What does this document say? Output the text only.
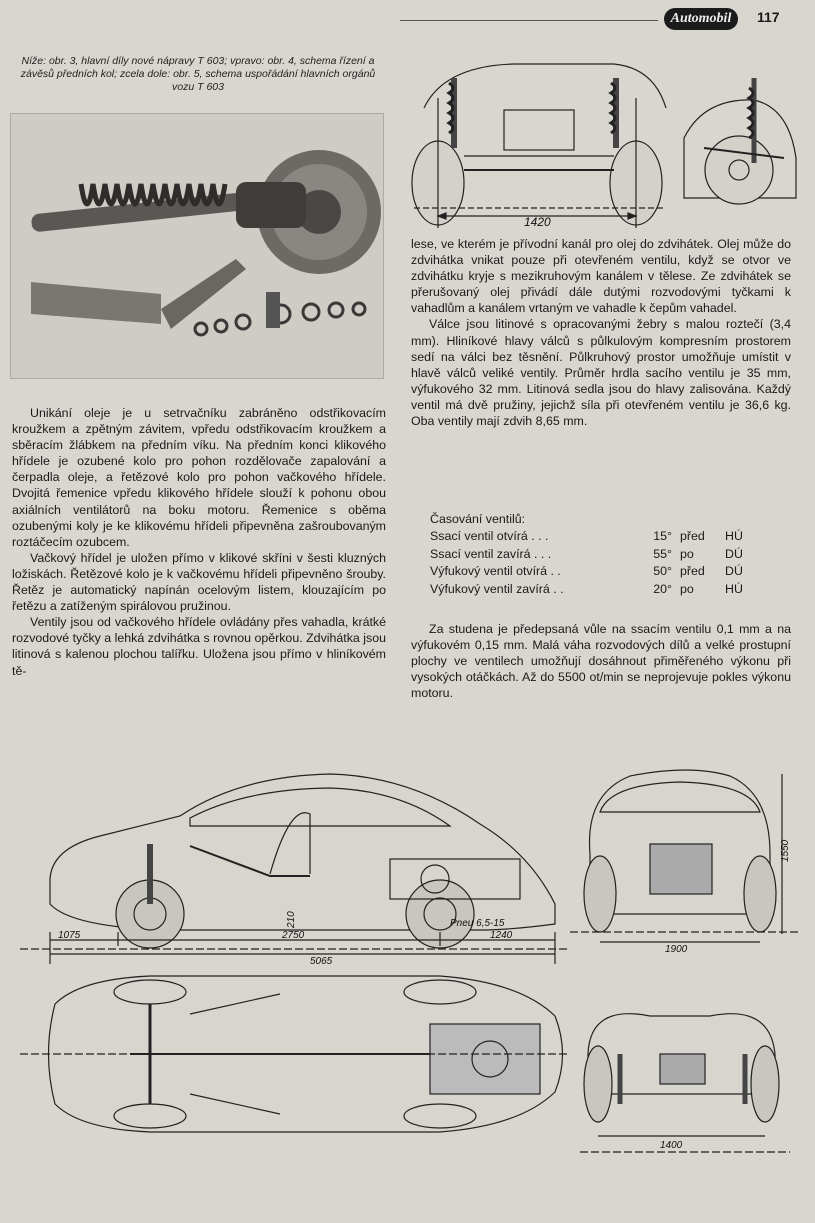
Automobil	117
Níže: obr. 3, hlavní díly nové nápravy T 603; vpravo: obr. 4, schema řízení a závěsů předních kol; zcela dole: obr. 5, schema uspořádání hlavních orgánů vozu T 603
1420

Unikání oleje je u setrvačníku zabráněno odstřikovacím kroužkem a zpětným závitem, vpředu odstřikovacím kroužkem a sběracím žlábkem na předním víku. Na předním konci klikového hřídele je ozubené kolo pro pohon rozdělovače zapalování a čerpadla oleje, a řetězové kolo pro pohon vačkového hřídele. Dvojitá řemenice vpředu klikového hřídele slouží k pohonu obou axiálních ventilátorů na boku motoru. Řemenice s oběma ozubenými koly je ke klikovému hřídeli připevněna zašroubovaným roztáčecím ozubcem.

Vačkový hřídel je uložen přímo v klikové skříni v šesti kluzných ložiskách. Řetězové kolo je k vačkovému hřídeli připevněno šrouby. Řetěz je automatický napínán ocelovým listem, klouzajícím po řetězu a zatíženým spirálovou pružinou.

Ventily jsou od vačkového hřídele ovládány přes vahadla, krátké rozvodové tyčky a lehká zdvihátka s rovnou opěrkou. Zdvihátka jsou litinová s kalenou plochou talířku. Uložena jsou přímo v hliníkovém tě-

lese, ve kterém je přívodní kanál pro olej do zdvihátek. Olej může do zdvihátka vnikat pouze při otevřeném ventilu, když se otvor ve zdvihátku kryje s mezikruhovým kanálem v tělese. Ze zdvihátek se přerušovaný olej přivádí dále dutými rozvodovými tyčkami k vahadlům a kanálem vrtaným ve vahadle k čepům vahadel.

Válce jsou litinové s opracovanými žebry s malou roztečí (3,4 mm). Hliníkové hlavy válců s půlkulovým kompresním prostorem sedí na válci bez těsnění. Půlkruhový prostor umožňuje umístit v hlavě válců veliké ventily. Průměr hrdla sacího ventilu je 35 mm, výfukového 32 mm. Litinová sedla jsou do hlavy zalisována. Každý ventil má dvě pružiny, jejichž síla při otevřeném ventilu je 36,6 kg. Oba ventily mají zdvih 8,65 mm.

Časování ventilů:
Ssací ventil otvírá . . .	15° před	HÚ
Ssací ventil zavírá . . .	55° po	DÚ
Výfukový ventil otvírá . .	50° před	DÚ
Výfukový ventil zavírá . .	20° po	HÚ

Za studena je předepsaná vůle na ssacím ventilu 0,1 mm a na výfukovém 0,15 mm. Malá váha rozvodových dílů a velké prostupní plochy ve ventilech umožňují dosáhnout přiměřeného výkonu při vysokých otáčkách. Až do 5500 ot/min se neprojevuje pokles výkonu motoru.

1075	2750	1240
5065
1900
1550
1400
Pneu 6,5-15
210
